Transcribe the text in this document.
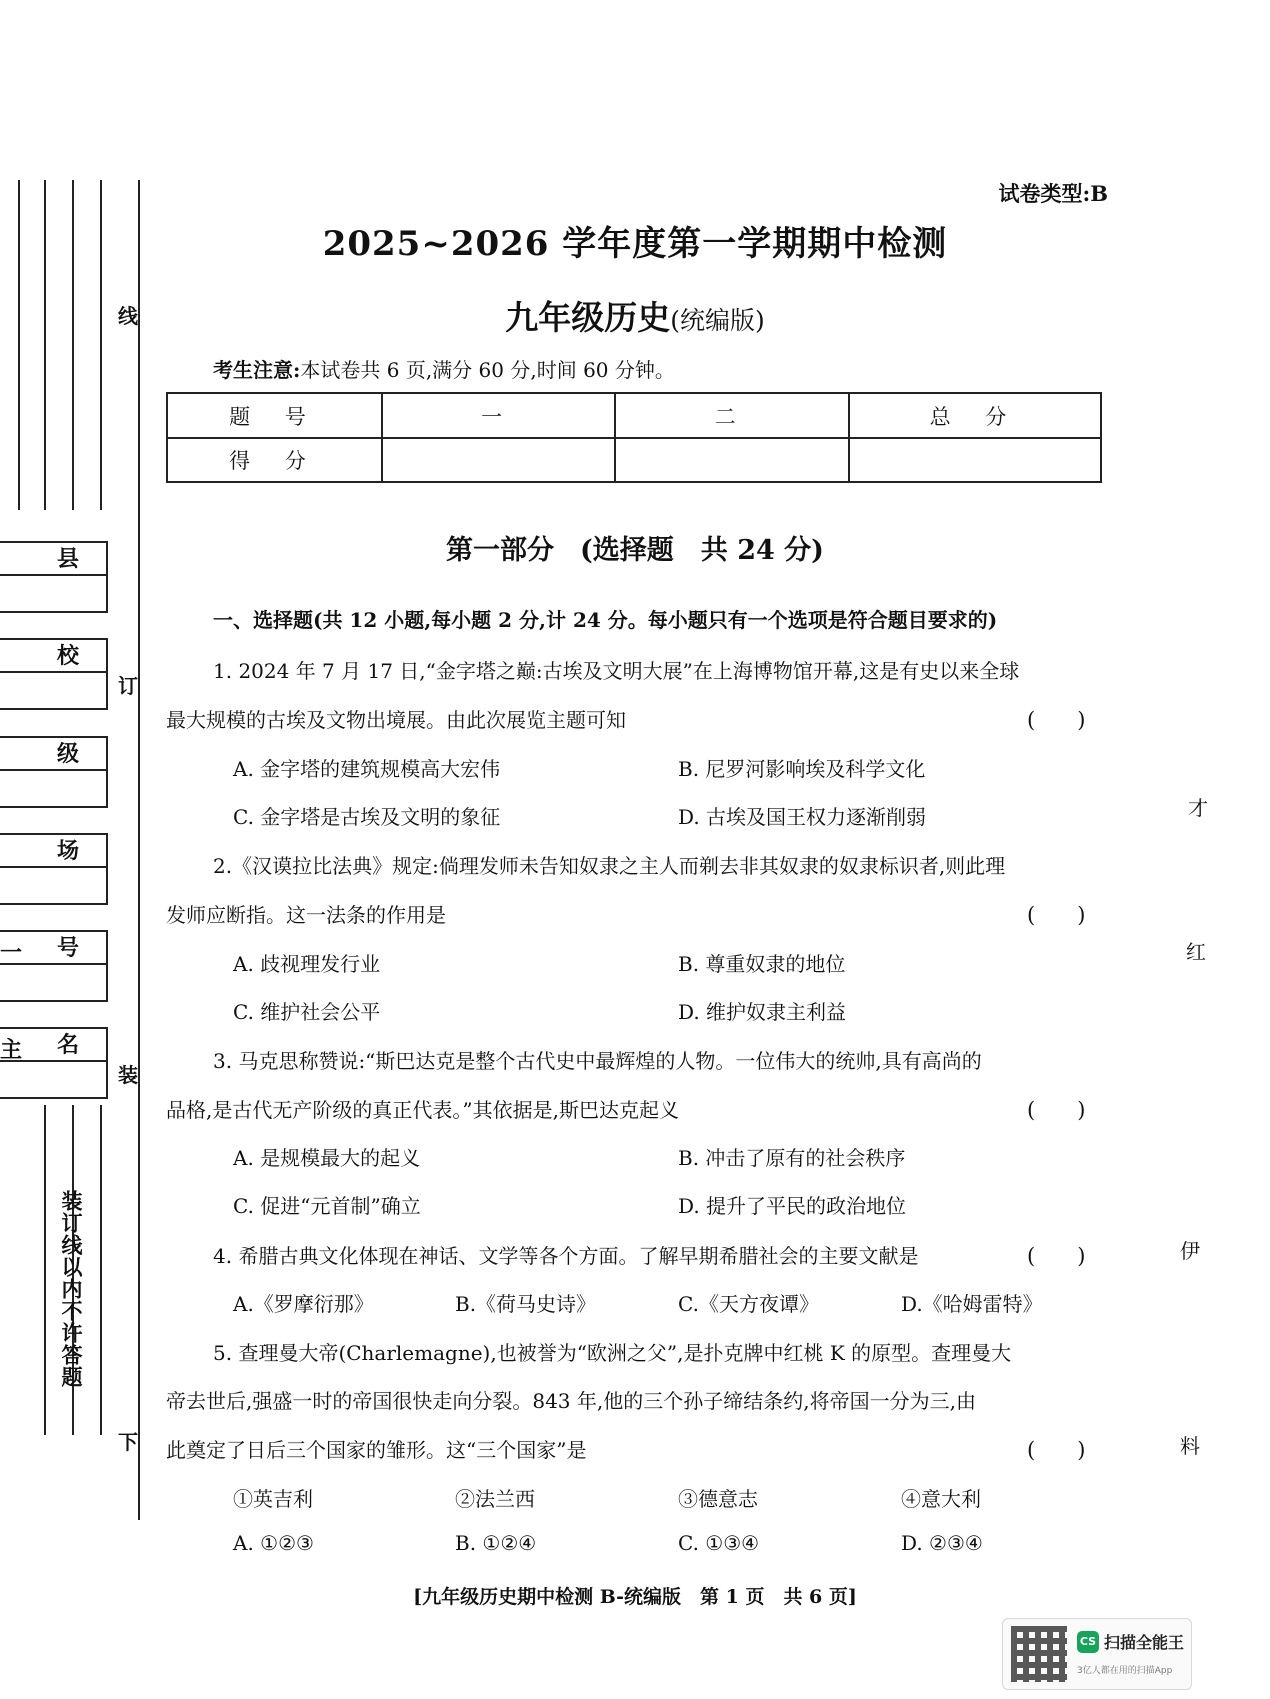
县
校
级
场
号
名
一
主
装订线以内不许答题
线
订
装
下
试卷类型:B
2025~2026 学年度第一学期期中检测
九年级历史(统编版)
考生注意:本试卷共 6 页,满分 60 分,时间 60 分钟。
题 号	一	二	总 分
得 分			
第一部分 (选择题　共 24 分)
一、选择题(共 12 小题,每小题 2 分,计 24 分。每小题只有一个选项是符合题目要求的)
1. 2024 年 7 月 17 日,“金字塔之巅:古埃及文明大展”在上海博物馆开幕,这是有史以来全球
最大规模的古埃及文物出境展。由此次展览主题可知	(　　)
A. 金字塔的建筑规模高大宏伟	B. 尼罗河影响埃及科学文化
C. 金字塔是古埃及文明的象征	D. 古埃及国王权力逐渐削弱
2.《汉谟拉比法典》规定:倘理发师未告知奴隶之主人而剃去非其奴隶的奴隶标识者,则此理
发师应断指。这一法条的作用是	(　　)
A. 歧视理发行业	B. 尊重奴隶的地位
C. 维护社会公平	D. 维护奴隶主利益
3. 马克思称赞说:“斯巴达克是整个古代史中最辉煌的人物。一位伟大的统帅,具有高尚的
品格,是古代无产阶级的真正代表。”其依据是,斯巴达克起义	(　　)
A. 是规模最大的起义	B. 冲击了原有的社会秩序
C. 促进“元首制”确立	D. 提升了平民的政治地位
4. 希腊古典文化体现在神话、文学等各个方面。了解早期希腊社会的主要文献是	(　　)
A.《罗摩衍那》	B.《荷马史诗》	C.《天方夜谭》	D.《哈姆雷特》
5. 查理曼大帝(Charlemagne),也被誉为“欧洲之父”,是扑克牌中红桃 K 的原型。查理曼大
帝去世后,强盛一时的帝国很快走向分裂。843 年,他的三个孙子缔结条约,将帝国一分为三,由
此奠定了日后三个国家的雏形。这“三个国家”是	(　　)
①英吉利	②法兰西	③德意志	④意大利
A. ①②③	B. ①②④	C. ①③④	D. ②③④
[九年级历史期中检测 B-统编版　第 1 页　共 6 页]
才
红
伊
料
CS 扫描全能王
3亿人都在用的扫描App
